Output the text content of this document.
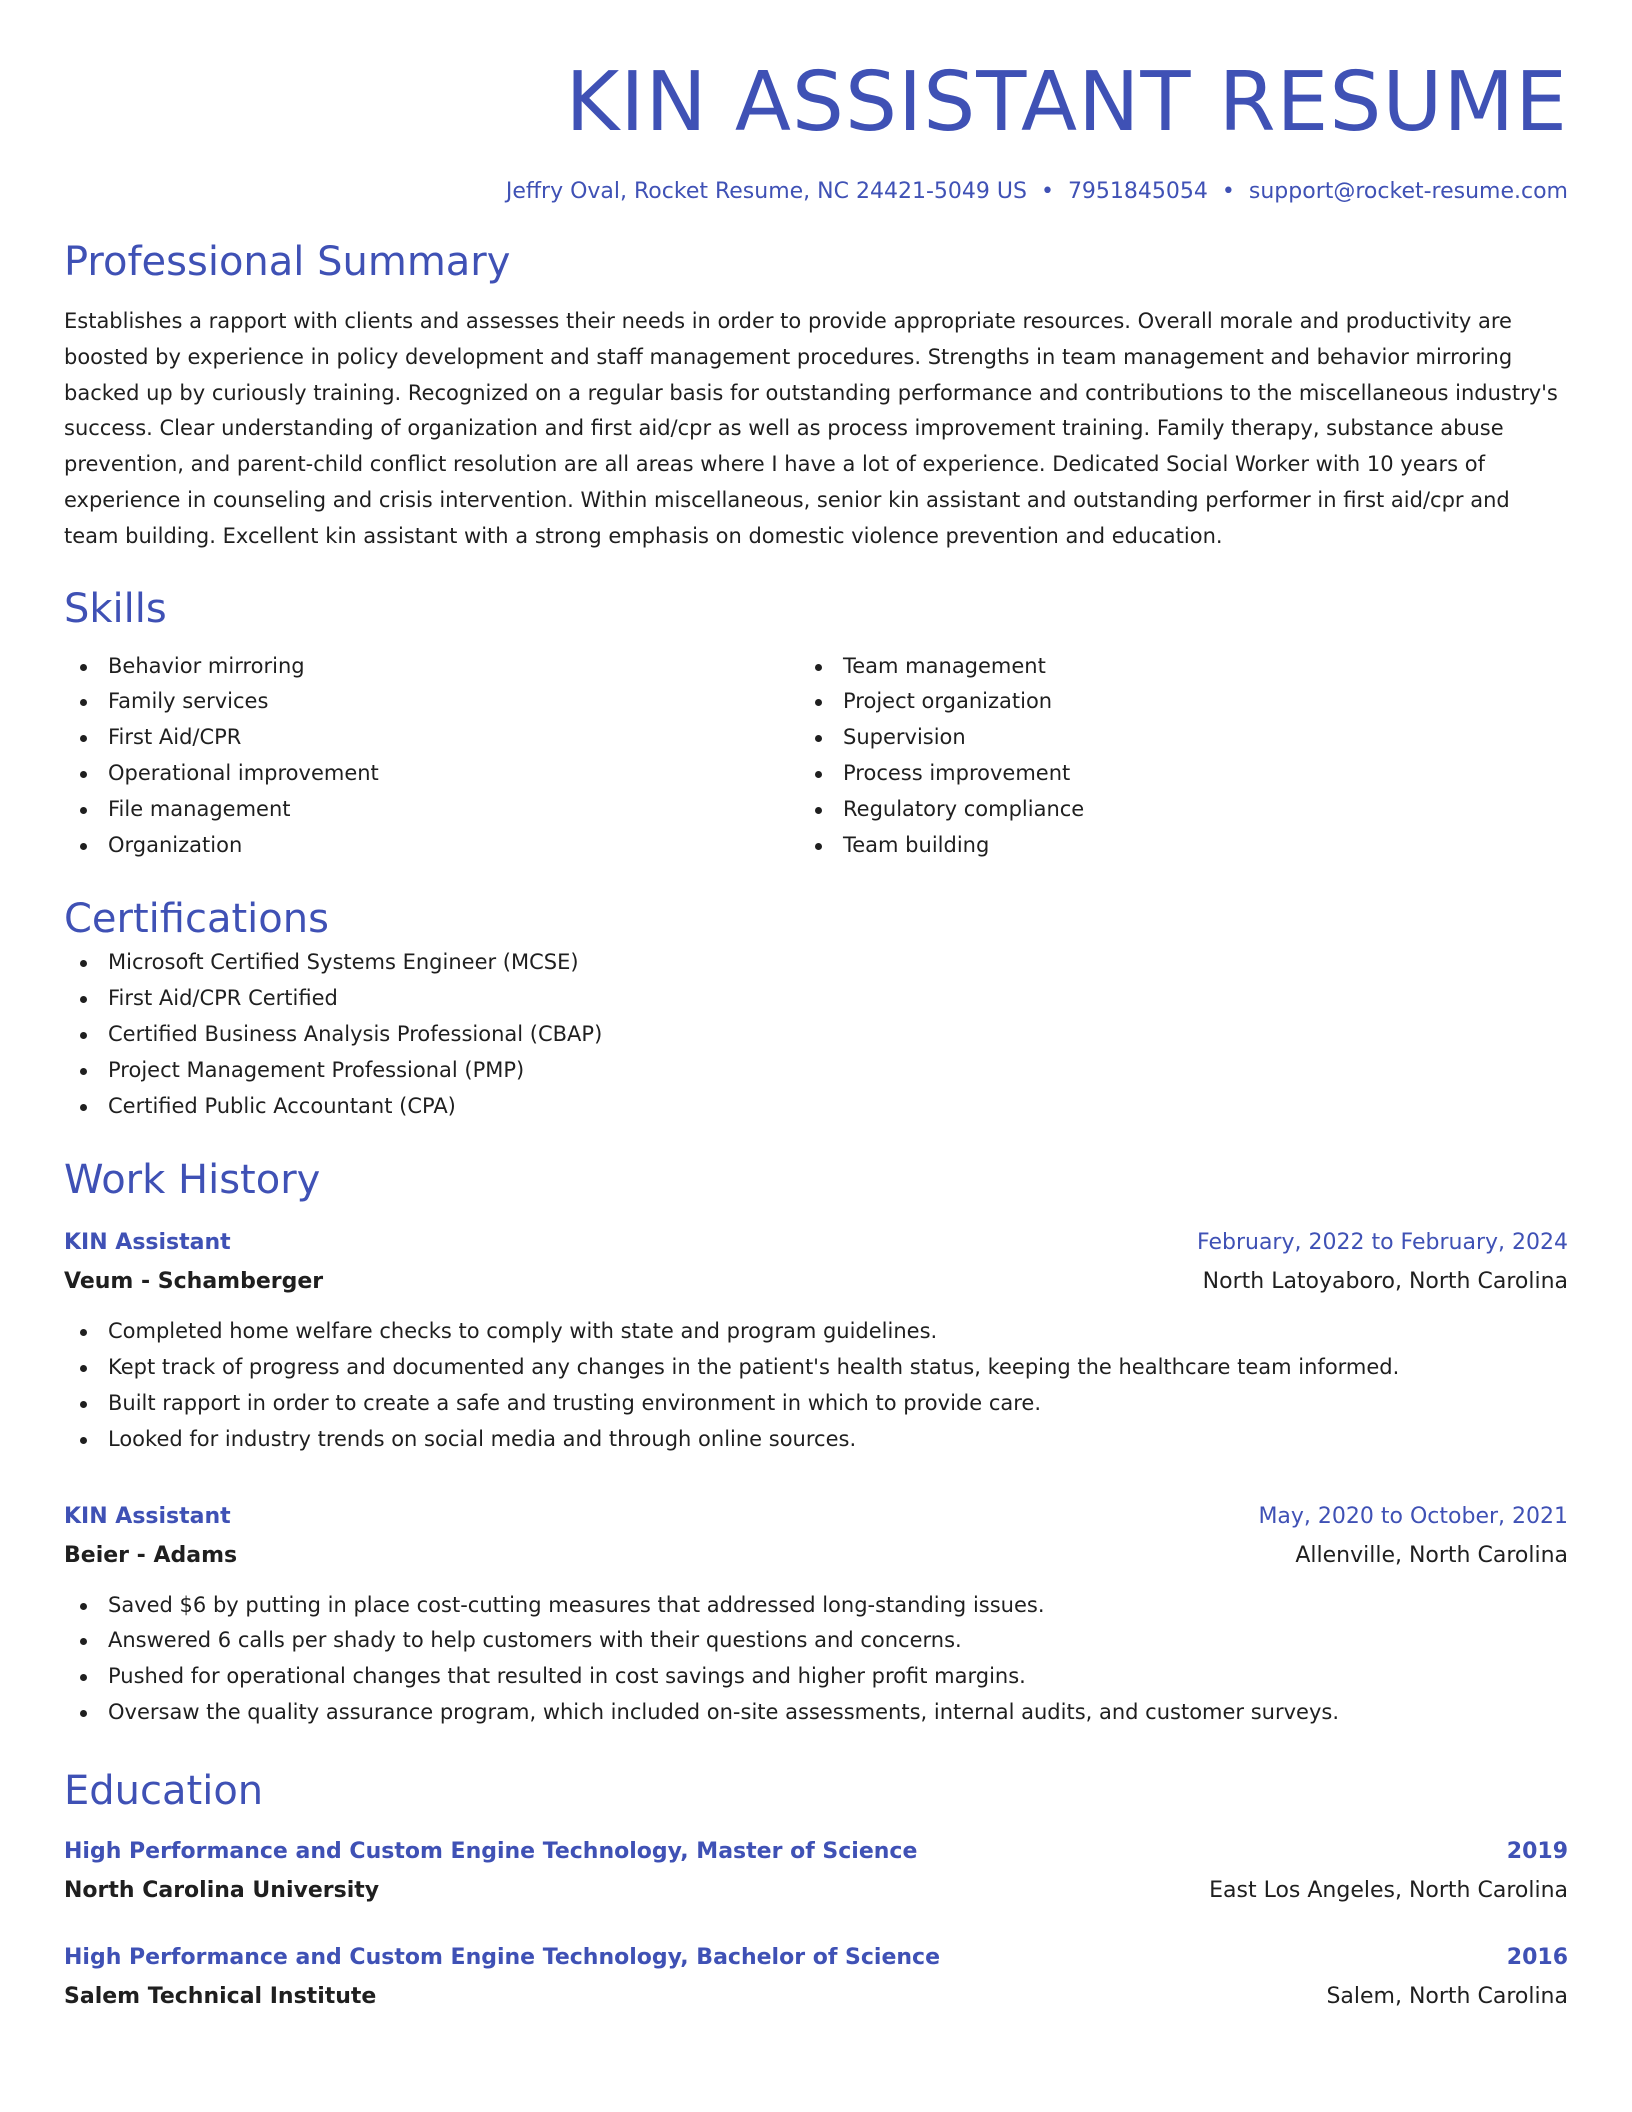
KIN ASSISTANT RESUME
Jeffry Oval, Rocket Resume, NC 24421-5049 US • 7951845054 • support@rocket-resume.com
Professional Summary
Establishes a rapport with clients and assesses their needs in order to provide appropriate resources. Overall morale and productivity are boosted by experience in policy development and staff management procedures. Strengths in team management and behavior mirroring backed up by curiously training. Recognized on a regular basis for outstanding performance and contributions to the miscellaneous industry's success. Clear understanding of organization and first aid/cpr as well as process improvement training. Family therapy, substance abuse prevention, and parent-child conflict resolution are all areas where I have a lot of experience. Dedicated Social Worker with 10 years of experience in counseling and crisis intervention. Within miscellaneous, senior kin assistant and outstanding performer in first aid/cpr and team building. Excellent kin assistant with a strong emphasis on domestic violence prevention and education.
Skills
Behavior mirroring
Family services
First Aid/CPR
Operational improvement
File management
Organization
Team management
Project organization
Supervision
Process improvement
Regulatory compliance
Team building
Certifications
Microsoft Certified Systems Engineer (MCSE)
First Aid/CPR Certified
Certified Business Analysis Professional (CBAP)
Project Management Professional (PMP)
Certified Public Accountant (CPA)
Work History
KIN Assistant	February, 2022 to February, 2024
Veum - Schamberger	North Latoyaboro, North Carolina
Completed home welfare checks to comply with state and program guidelines.
Kept track of progress and documented any changes in the patient's health status, keeping the healthcare team informed.
Built rapport in order to create a safe and trusting environment in which to provide care.
Looked for industry trends on social media and through online sources.
KIN Assistant	May, 2020 to October, 2021
Beier - Adams	Allenville, North Carolina
Saved $6 by putting in place cost-cutting measures that addressed long-standing issues.
Answered 6 calls per shady to help customers with their questions and concerns.
Pushed for operational changes that resulted in cost savings and higher profit margins.
Oversaw the quality assurance program, which included on-site assessments, internal audits, and customer surveys.
Education
High Performance and Custom Engine Technology, Master of Science	2019
North Carolina University	East Los Angeles, North Carolina
High Performance and Custom Engine Technology, Bachelor of Science	2016
Salem Technical Institute	Salem, North Carolina
